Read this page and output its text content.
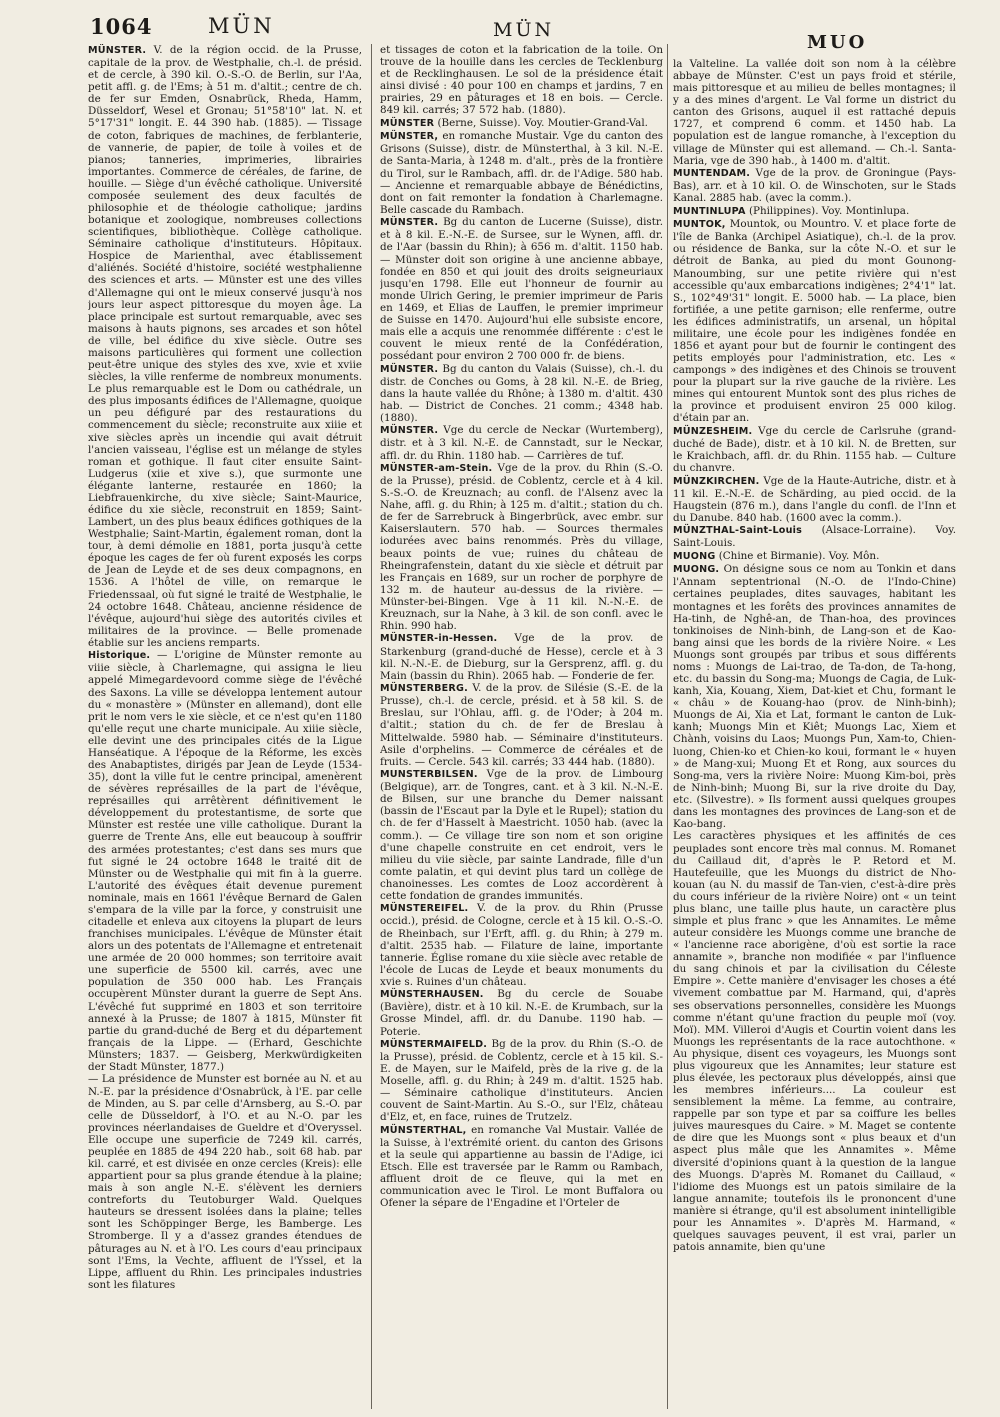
1064	MÜN	MÜN
MUO

MÜNSTER. V. de la région occid. de la Prusse, capitale de la prov. de Westphalie, ch.-l. de présid. et de cercle, à 390 kil. O.-S.-O. de Berlin, sur l'Aa, petit affl. g. de l'Ems; à 51 m. d'altit.; centre de ch. de fer sur Emden, Osnabrück, Rheda, Hamm, Düsseldorf, Wesel et Gronau; 51°58'10" lat. N. et 5°17'31" longit. E. 44 390 hab. (1885). — Tissage de coton, fabriques de machines, de ferblanterie, de vannerie, de papier, de toile à voiles et de pianos; tanneries, imprimeries, librairies importantes. Commerce de céréales, de farine, de houille. — Siège d'un évêché catholique. Université composée seulement des deux facultés de philosophie et de théologie catholique; jardins botanique et zoologique, nombreuses collections scientifiques, bibliothèque. Collège catholique. Séminaire catholique d'instituteurs. Hôpitaux. Hospice de Marienthal, avec établissement d'aliénés. Société d'histoire, société westphalienne des sciences et arts. — Münster est une des villes d'Allemagne qui ont le mieux conservé jusqu'à nos jours leur aspect pittoresque du moyen âge. La place principale est surtout remarquable, avec ses maisons à hauts pignons, ses arcades et son hôtel de ville, bel édifice du xive siècle. Outre ses maisons particulières qui forment une collection peut-être unique des styles des xve, xvie et xviie siècles, la ville renferme de nombreux monuments. Le plus remarquable est le Dom ou cathédrale, un des plus imposants édifices de l'Allemagne, quoique un peu défiguré par des restaurations du commencement du siècle; reconstruite aux xiiie et xive siècles après un incendie qui avait détruit l'ancien vaisseau, l'église est un mélange de styles roman et gothique. Il faut citer ensuite Saint-Ludgerus (xiie et xive s.), que surmonte une élégante lanterne, restaurée en 1860; la Liebfrauenkirche, du xive siècle; Saint-Maurice, édifice du xie siècle, reconstruit en 1859; Saint-Lambert, un des plus beaux édifices gothiques de la Westphalie; Saint-Martin, également roman, dont la tour, à demi démolie en 1881, porta jusqu'à cette époque les cages de fer où furent exposés les corps de Jean de Leyde et de ses deux compagnons, en 1536. A l'hôtel de ville, on remarque le Friedenssaal, où fut signé le traité de Westphalie, le 24 octobre 1648. Château, ancienne résidence de l'évêque, aujourd'hui siège des autorités civiles et militaires de la province. — Belle promenade établie sur les anciens remparts.

Historique. — L'origine de Münster remonte au viiie siècle, à Charlemagne, qui assigna le lieu appelé Mimegardevoord comme siège de l'évêché des Saxons. La ville se développa lentement autour du « monastère » (Münster en allemand), dont elle prit le nom vers le xie siècle, et ce n'est qu'en 1180 qu'elle reçut une charte municipale. Au xiiie siècle, elle devint une des principales cités de la Ligue Hanséatique. A l'époque de la Réforme, les excès des Anabaptistes, dirigés par Jean de Leyde (1534-35), dont la ville fut le centre principal, amenèrent de sévères représailles de la part de l'évêque, représailles qui arrêtèrent définitivement le développement du protestantisme, de sorte que Münster est restée une ville catholique. Durant la guerre de Trente Ans, elle eut beaucoup à souffrir des armées protestantes; c'est dans ses murs que fut signé le 24 octobre 1648 le traité dit de Münster ou de Westphalie qui mit fin à la guerre. L'autorité des évêques était devenue purement nominale, mais en 1661 l'évêque Bernard de Galen s'empara de la ville par la force, y construisit une citadelle et enleva aux citoyens la plupart de leurs franchises municipales. L'évêque de Münster était alors un des potentats de l'Allemagne et entretenait une armée de 20 000 hommes; son territoire avait une superficie de 5500 kil. carrés, avec une population de 350 000 hab. Les Français occupèrent Münster durant la guerre de Sept Ans. L'évêché fut supprimé en 1803 et son territoire annexé à la Prusse; de 1807 à 1815, Münster fit partie du grand-duché de Berg et du département français de la Lippe. — (Erhard, Geschichte Münsters; 1837. — Geisberg, Merkwürdigkeiten der Stadt Münster, 1877.)

— La présidence de Munster est bornée au N. et au N.-E. par la présidence d'Osnabrück, à l'E. par celle de Minden, au S. par celle d'Arnsberg, au S.-O. par celle de Düsseldorf, à l'O. et au N.-O. par les provinces néerlandaises de Gueldre et d'Overyssel. Elle occupe une superficie de 7249 kil. carrés, peuplée en 1885 de 494 220 hab., soit 68 hab. par kil. carré, et est divisée en onze cercles (Kreis): elle appartient pour sa plus grande étendue à la plaine; mais à son angle N.-E. s'élèvent les derniers contreforts du Teutoburger Wald. Quelques hauteurs se dressent isolées dans la plaine; telles sont les Schöppinger Berge, les Bamberge. Les Stromberge. Il y a d'assez grandes étendues de pâturages au N. et à l'O. Les cours d'eau principaux sont l'Ems, la Vechte, affluent de l'Yssel, et la Lippe, affluent du Rhin. Les principales industries sont les filatures

et tissages de coton et la fabrication de la toile. On trouve de la houille dans les cercles de Tecklenburg et de Recklinghausen. Le sol de la présidence était ainsi divisé : 40 pour 100 en champs et jardins, 7 en prairies, 29 en pâturages et 18 en bois. — Cercle. 849 kil. carrés; 37 572 hab. (1880).

MÜNSTER (Berne, Suisse). Voy. Moutier-Grand-Val.

MÜNSTER, en romanche Mustair. Vge du canton des Grisons (Suisse), distr. de Münsterthal, à 3 kil. N.-E. de Santa-Maria, à 1248 m. d'alt., près de la frontière du Tirol, sur le Rambach, affl. dr. de l'Adige. 580 hab. — Ancienne et remarquable abbaye de Bénédictins, dont on fait remonter la fondation à Charlemagne. Belle cascade du Rambach.

MÜNSTER. Bg du canton de Lucerne (Suisse), distr. et à 8 kil. E.-N.-E. de Sursee, sur le Wynen, affl. dr. de l'Aar (bassin du Rhin); à 656 m. d'altit. 1150 hab. — Münster doit son origine à une ancienne abbaye, fondée en 850 et qui jouit des droits seigneuriaux jusqu'en 1798. Elle eut l'honneur de fournir au monde Ulrich Gering, le premier imprimeur de Paris en 1469, et Elias de Lauffen, le premier imprimeur de Suisse en 1470. Aujourd'hui elle subsiste encore, mais elle a acquis une renommée différente : c'est le couvent le mieux renté de la Confédération, possédant pour environ 2 700 000 fr. de biens.

MÜNSTER. Bg du canton du Valais (Suisse), ch.-l. du distr. de Conches ou Goms, à 28 kil. N.-E. de Brieg, dans la haute vallée du Rhône; à 1380 m. d'altit. 430 hab. — District de Conches. 21 comm.; 4348 hab. (1880).

MÜNSTER. Vge du cercle de Neckar (Wurtemberg), distr. et à 3 kil. N.-E. de Cannstadt, sur le Neckar, affl. dr. du Rhin. 1180 hab. — Carrières de tuf.

MÜNSTER-am-Stein. Vge de la prov. du Rhin (S.-O. de la Prusse), présid. de Coblentz, cercle et à 4 kil. S.-S.-O. de Kreuznach; au confl. de l'Alsenz avec la Nahe, affl. g. du Rhin; à 125 m. d'altit.; station du ch. de fer de Sarrebruck à Bingerbrück, avec embr. sur Kaiserslautern. 570 hab. — Sources thermales iodurées avec bains renommés. Près du village, beaux points de vue; ruines du château de Rheingrafenstein, datant du xie siècle et détruit par les Français en 1689, sur un rocher de porphyre de 132 m. de hauteur au-dessus de la rivière. — Münster-bei-Bingen. Vge à 11 kil. N.-N.-E. de Kreuznach, sur la Nahe, à 3 kil. de son confl. avec le Rhin. 990 hab.

MÜNSTER-in-Hessen. Vge de la prov. de Starkenburg (grand-duché de Hesse), cercle et à 3 kil. N.-N.-E. de Dieburg, sur la Gersprenz, affl. g. du Main (bassin du Rhin). 2065 hab. — Fonderie de fer.

MÜNSTERBERG. V. de la prov. de Silésie (S.-E. de la Prusse), ch.-l. de cercle, présid. et à 58 kil. S. de Breslau, sur l'Ohlau, affl. g. de l'Oder; à 204 m. d'altit.; station du ch. de fer de Breslau à Mittelwalde. 5980 hab. — Séminaire d'instituteurs. Asile d'orphelins. — Commerce de céréales et de fruits. — Cercle. 543 kil. carrés; 33 444 hab. (1880).

MUNSTERBILSEN. Vge de la prov. de Limbourg (Belgique), arr. de Tongres, cant. et à 3 kil. N.-N.-E. de Bilsen, sur une branche du Demer naissant (bassin de l'Escaut par la Dyle et le Rupel); station du ch. de fer d'Hasselt à Maestricht. 1050 hab. (avec la comm.). — Ce village tire son nom et son origine d'une chapelle construite en cet endroit, vers le milieu du viie siècle, par sainte Landrade, fille d'un comte palatin, et qui devint plus tard un collège de chanoinesses. Les comtes de Looz accordèrent à cette fondation de grandes immunités.

MÜNSTEREIFEL. V. de la prov. du Rhin (Prusse occid.), présid. de Cologne, cercle et à 15 kil. O.-S.-O. de Rheinbach, sur l'Erft, affl. g. du Rhin; à 279 m. d'altit. 2535 hab. — Filature de laine, importante tannerie. Église romane du xiie siècle avec retable de l'école de Lucas de Leyde et beaux monuments du xvie s. Ruines d'un château.

MÜNSTERHAUSEN. Bg du cercle de Souabe (Bavière), distr. et à 10 kil. N.-E. de Krumbach, sur la Grosse Mindel, affl. dr. du Danube. 1190 hab. — Poterie.

MÜNSTERMAIFELD. Bg de la prov. du Rhin (S.-O. de la Prusse), présid. de Coblentz, cercle et à 15 kil. S.-E. de Mayen, sur le Maifeld, près de la rive g. de la Moselle, affl. g. du Rhin; à 249 m. d'altit. 1525 hab. — Séminaire catholique d'instituteurs. Ancien couvent de Saint-Martin. Au S.-O., sur l'Elz, château d'Elz, et, en face, ruines de Trutzelz.

MÜNSTERTHAL, en romanche Val Mustair. Vallée de la Suisse, à l'extrémité orient. du canton des Grisons et la seule qui appartienne au bassin de l'Adige, ici Etsch. Elle est traversée par le Ramm ou Rambach, affluent droit de ce fleuve, qui la met en communication avec le Tirol. Le mont Buffalora ou Ofener la sépare de l'Engadine et l'Orteler de

la Valteline. La vallée doit son nom à la célèbre abbaye de Münster. C'est un pays froid et stérile, mais pittoresque et au milieu de belles montagnes; il y a des mines d'argent. Le Val forme un district du canton des Grisons, auquel il est rattaché depuis 1727, et comprend 6 comm. et 1450 hab. La population est de langue romanche, à l'exception du village de Münster qui est allemand. — Ch.-l. Santa-Maria, vge de 390 hab., à 1400 m. d'altit.

MUNTENDAM. Vge de la prov. de Groningue (Pays-Bas), arr. et à 10 kil. O. de Winschoten, sur le Stads Kanal. 2885 hab. (avec la comm.).

MUNTINLUPA (Philippines). Voy. Montinlupa.

MUNTOK, Mountok, ou Mountro. V. et place forte de l'île de Banka (Archipel Asiatique), ch.-l. de la prov. ou résidence de Banka, sur la côte N.-O. et sur le détroit de Banka, au pied du mont Gounong-Manoumbing, sur une petite rivière qui n'est accessible qu'aux embarcations indigènes; 2°4'1" lat. S., 102°49'31" longit. E. 5000 hab. — La place, bien fortifiée, a une petite garnison; elle renferme, outre les édifices administratifs, un arsenal, un hôpital militaire, une école pour les indigènes fondée en 1856 et ayant pour but de fournir le contingent des petits employés pour l'administration, etc. Les « campongs » des indigènes et des Chinois se trouvent pour la plupart sur la rive gauche de la rivière. Les mines qui entourent Muntok sont des plus riches de la province et produisent environ 25 000 kilog. d'étain par an.

MÜNZESHEIM. Vge du cercle de Carlsruhe (grand-duché de Bade), distr. et à 10 kil. N. de Bretten, sur le Kraichbach, affl. dr. du Rhin. 1155 hab. — Culture du chanvre.

MÜNZKIRCHEN. Vge de la Haute-Autriche, distr. et à 11 kil. E.-N.-E. de Schärding, au pied occid. de la Haugstein (876 m.), dans l'angle du confl. de l'Inn et du Danube. 840 hab. (1600 avec la comm.).

MÜNZTHAL-Saint-Louis (Alsace-Lorraine). Voy. Saint-Louis.

MUONG (Chine et Birmanie). Voy. Môn.

MUONG. On désigne sous ce nom au Tonkin et dans l'Annam septentrional (N.-O. de l'Indo-Chine) certaines peuplades, dites sauvages, habitant les montagnes et les forêts des provinces annamites de Ha-tinh, de Nghê-an, de Than-hoa, des provinces tonkinoises de Ninh-binh, de Lang-son et de Kao-bang ainsi que les bords de la rivière Noire. « Les Muongs sont groupés par tribus et sous différents noms : Muongs de Lai-trao, de Ta-don, de Ta-hong, etc. du bassin du Song-ma; Muongs de Cagia, de Luk-kanh, Xia, Kouang, Xiem, Dat-kiet et Chu, formant le « châu » de Kouang-hao (prov. de Ninh-binh); Muongs de Ai, Xia et Lat, formant le canton de Luk-kanh; Muongs Min et Kiêt; Muongs Lac, Xiem et Chành, voisins du Laos; Muongs Pun, Xam-to, Chien-luong, Chien-ko et Chien-ko koui, formant le « huyen » de Mang-xui; Muong Et et Rong, aux sources du Song-ma, vers la rivière Noire: Muong Kim-boi, près de Ninh-binh; Muong Bi, sur la rive droite du Day, etc. (Silvestre). » Ils forment aussi quelques groupes dans les montagnes des provinces de Lang-son et de Kao-bang.

Les caractères physiques et les affinités de ces peuplades sont encore très mal connus. M. Romanet du Caillaud dit, d'après le P. Retord et M. Hautefeuille, que les Muongs du district de Nho-kouan (au N. du massif de Tan-vien, c'est-à-dire près du cours inférieur de la rivière Noire) ont « un teint plus blanc, une taille plus haute, un caractère plus simple et plus franc » que les Annamites. Le même auteur considère les Muongs comme une branche de « l'ancienne race aborigène, d'où est sortie la race annamite », branche non modifiée « par l'influence du sang chinois et par la civilisation du Céleste Empire ». Cette manière d'envisager les choses a été vivement combattue par M. Harmand, qui, d'après ses observations personnelles, considère les Muongs comme n'étant qu'une fraction du peuple moï (voy. Moï). MM. Villeroi d'Augis et Courtin voient dans les Muongs les représentants de la race autochthone. « Au physique, disent ces voyageurs, les Muongs sont plus vigoureux que les Annamites; leur stature est plus élevée, les pectoraux plus développés, ainsi que les membres inférieurs.... La couleur est sensiblement la même. La femme, au contraire, rappelle par son type et par sa coiffure les belles juives mauresques du Caire. » M. Maget se contente de dire que les Muongs sont « plus beaux et d'un aspect plus mâle que les Annamites ». Même diversité d'opinions quant à la question de la langue des Muongs. D'après M. Romanet du Caillaud, « l'idiome des Muongs est un patois similaire de la langue annamite; toutefois ils le prononcent d'une manière si étrange, qu'il est absolument inintelligible pour les Annamites ». D'après M. Harmand, « quelques sauvages peuvent, il est vrai, parler un patois annamite, bien qu'une
